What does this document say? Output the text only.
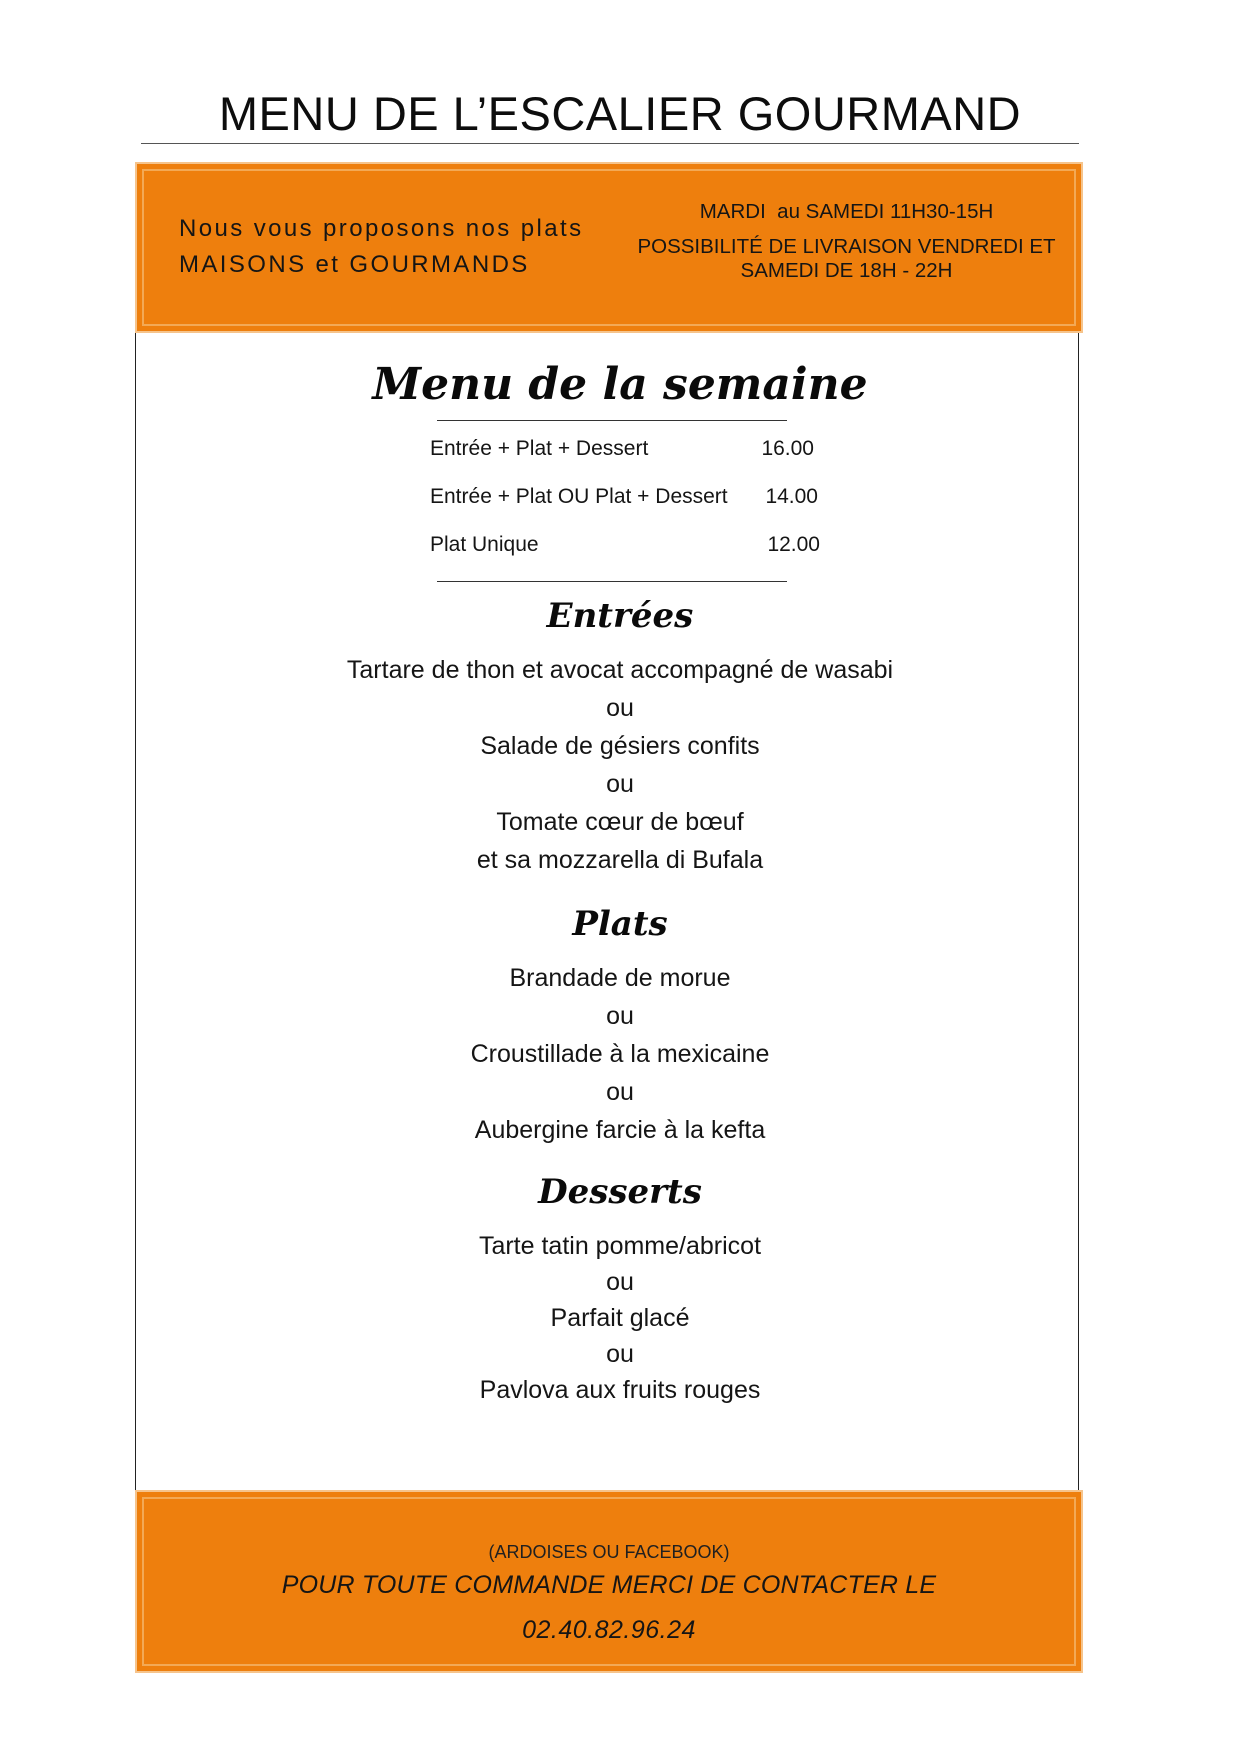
MENU DE L’ESCALIER GOURMAND
Nous vous proposons nos plats
MAISONS et GOURMANDS
MARDI  au SAMEDI 11H30-15H
POSSIBILITÉ DE LIVRAISON VENDREDI ET
SAMEDI DE 18H - 22H
Menu de la semaine
Entrée + Plat + Dessert	16.00
Entrée + Plat OU Plat + Dessert 14.00
Plat Unique	12.00
Entrées
Tartare de thon et avocat accompagné de wasabi
ou
Salade de gésiers confits
ou
Tomate cœur de bœuf
et sa mozzarella di Bufala
Plats
Brandade de morue
ou
Croustillade à la mexicaine
ou
Aubergine farcie à la kefta
Desserts
Tarte tatin pomme/abricot
ou
Parfait glacé
ou
Pavlova aux fruits rouges
(ARDOISES OU FACEBOOK)
POUR TOUTE COMMANDE MERCI DE CONTACTER LE
02.40.82.96.24
